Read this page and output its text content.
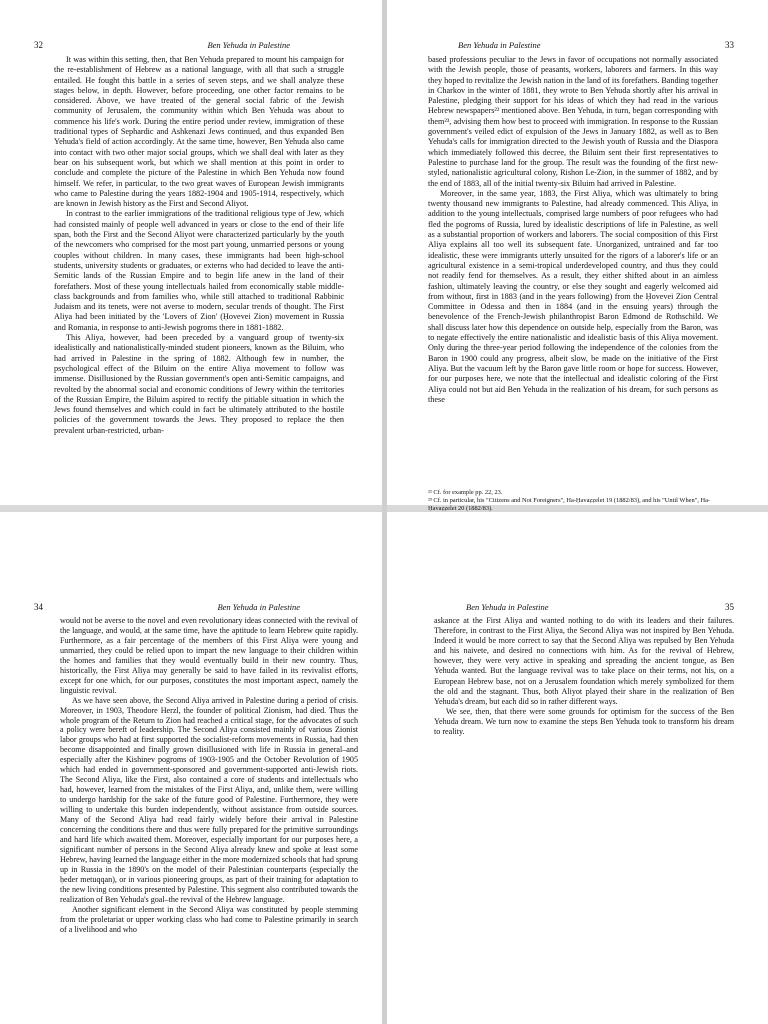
32	Ben Yehuda in Palestine

It was within this setting, then, that Ben Yehuda prepared to mount his campaign for the re-establishment of Hebrew as a national language, with all that such a struggle entailed. He fought this battle in a series of seven steps, and we shall analyze these stages below, in depth. However, before proceeding, one other factor remains to be considered. Above, we have treated of the general social fabric of the Jewish community of Jerusalem, the community within which Ben Yehuda was about to commence his life's work. During the entire period under review, immigration of these traditional types of Sephardic and Ashkenazi Jews continued, and thus expanded Ben Yehuda's field of action accordingly. At the same time, however, Ben Yehuda also came into contact with two other major social groups, which we shall deal with later as they bear on his subsequent work, but which we shall mention at this point in order to conclude and complete the picture of the Palestine in which Ben Yehuda now found himself. We refer, in particular, to the two great waves of European Jewish immigrants who came to Palestine during the years 1882-1904 and 1905-1914, respectively, which are known in Jewish history as the First and Second Aliyot.

In contrast to the earlier immigrations of the traditional religious type of Jew, which had consisted mainly of people well advanced in years or close to the end of their life span, both the First and the Second Aliyot were characterized particularly by the youth of the newcomers who comprised for the most part young, unmarried persons or young couples without children. In many cases, these immigrants had been high-school students, university students or graduates, or externs who had decided to leave the anti-Semitic lands of the Russian Empire and to begin life anew in the land of their forefathers. Most of these young intellectuals hailed from economically stable middle-class backgrounds and from families who, while still attached to traditional Rabbinic Judaism and its tenets, were not averse to modern, secular trends of thought. The First Aliya had been initiated by the 'Lovers of Zion' (Ḥovevei Zion) movement in Russia and Romania, in response to anti-Jewish pogroms there in 1881-1882.

This Aliya, however, had been preceded by a vanguard group of twenty-six idealistically and nationalistically-minded student pioneers, known as the Biluim, who had arrived in Palestine in the spring of 1882. Although few in number, the psychological effect of the Biluim on the entire Aliya movement to follow was immense. Disillusioned by the Russian government's open anti-Semitic campaigns, and revolted by the abnormal social and economic conditions of Jewry within the territories of the Russian Empire, the Biluim aspired to rectify the pitiable situation in which the Jews found themselves and which could in fact be ultimately attributed to the hostile policies of the government towards the Jews. They proposed to replace the then prevalent urban-restricted, urban-

Ben Yehuda in Palestine	33

based professions peculiar to the Jews in favor of occupations not normally associated with the Jewish people, those of peasants, workers, laborers and farmers. In this way they hoped to revitalize the Jewish nation in the land of its forefathers. Banding together in Charkov in the winter of 1881, they wrote to Ben Yehuda shortly after his arrival in Palestine, pledging their support for his ideas of which they had read in the various Hebrew newspapers²² mentioned above. Ben Yehuda, in turn, began corresponding with them²³, advising them how best to proceed with immigration. In response to the Russian government's veiled edict of expulsion of the Jews in January 1882, as well as to Ben Yehuda's calls for immigration directed to the Jewish youth of Russia and the Diaspora which immediately followed this decree, the Biluim sent their first representatives to Palestine to purchase land for the group. The result was the founding of the first new-styled, nationalistic agricultural colony, Rishon Le-Zion, in the summer of 1882, and by the end of 1883, all of the initial twenty-six Biluim had arrived in Palestine.

Moreover, in the same year, 1883, the First Aliya, which was ultimately to bring twenty thousand new immigrants to Palestine, had already commenced. This Aliya, in addition to the young intellectuals, comprised large numbers of poor refugees who had fled the pogroms of Russia, lured by idealistic descriptions of life in Palestine, as well as a substantial proportion of workers and laborers. The social composition of this First Aliya explains all too well its subsequent fate. Unorganized, untrained and far too idealistic, these were immigrants utterly unsuited for the rigors of a laborer's life or an agricultural existence in a semi-tropical underdeveloped country, and thus they could not readily fend for themselves. As a result, they either shifted about in an aimless fashion, ultimately leaving the country, or else they sought and eagerly welcomed aid from without, first in 1883 (and in the years following) from the Ḥovevei Zion Central Committee in Odessa and then in 1884 (and in the ensuing years) through the benevolence of the French-Jewish philanthropist Baron Edmond de Rothschild. We shall discuss later how this dependence on outside help, especially from the Baron, was to negate effectively the entire nationalistic and idealistic basis of this Aliya movement. Only during the three-year period following the independence of the colonies from the Baron in 1900 could any progress, albeit slow, be made on the initiative of the First Aliya. But the vacuum left by the Baron gave little room or hope for success. However, for our purposes here, we note that the intellectual and idealistic coloring of the First Aliya could not but aid Ben Yehuda in the realization of his dream, for such persons as these

²² Cf. for example pp. 22, 23.
²³ Cf. in particular, his "Citizens and Not Foreigners", Ha-Ḥavaẓẓelet 19 (1882/83), and his "Until When", Ha-Ḥavaẓẓelet 20 (1882/83).
34	Ben Yehuda in Palestine

would not be averse to the novel and even revolutionary ideas connected with the revival of the language, and would, at the same time, have the aptitude to learn Hebrew quite rapidly. Furthermore, as a fair percentage of the members of this First Aliya were young and unmarried, they could be relied upon to impart the new language to their children within the homes and families that they would eventually build in their new country. Thus, historically, the First Aliya may generally be said to have failed in its revivalist efforts, except for one which, for our purposes, constitutes the most important aspect, namely the linguistic revival.

As we have seen above, the Second Aliya arrived in Palestine during a period of crisis. Moreover, in 1903, Theodore Herzl, the founder of political Zionism, had died. Thus the whole program of the Return to Zion had reached a critical stage, for the advocates of such a policy were bereft of leadership. The Second Aliya consisted mainly of various Zionist labor groups who had at first supported the socialist-reform movements in Russia, had then become disappointed and finally grown disillusioned with life in Russia in general–and especially after the Kishinev pogroms of 1903-1905 and the October Revolution of 1905 which had ended in government-sponsored and government-supported anti-Jewish riots. The Second Aliya, like the First, also contained a core of students and intellectuals who had, however, learned from the mistakes of the First Aliya, and, unlike them, were willing to undergo hardship for the sake of the future good of Palestine. Furthermore, they were willing to undertake this burden independently, without assistance from outside sources. Many of the Second Aliya had read fairly widely before their arrival in Palestine concerning the conditions there and thus were fully prepared for the primitive surroundings and hard life which awaited them. Moreover, especially important for our purposes here, a significant number of persons in the Second Aliya already knew and spoke at least some Hebrew, having learned the language either in the more modernized schools that had sprung up in Russia in the 1890's on the model of their Palestinian counterparts (especially the ḥeder metuqqan), or in various pioneering groups, as part of their training for adaptation to the new living conditions presented by Palestine. This segment also contributed towards the realization of Ben Yehuda's goal–the revival of the Hebrew language.

Another significant element in the Second Aliya was constituted by people stemming from the proletariat or upper working class who had come to Palestine primarily in search of a livelihood and who

Ben Yehuda in Palestine	35

askance at the First Aliya and wanted nothing to do with its leaders and their failures. Therefore, in contrast to the First Aliya, the Second Aliya was not inspired by Ben Yehuda. Indeed it would be more correct to say that the Second Aliya was repulsed by Ben Yehuda and his naivete, and desired no connections with him. As for the revival of Hebrew, however, they were very active in speaking and spreading the ancient tongue, as Ben Yehuda wanted. But the language revival was to take place on their terms, not his, on a European Hebrew base, not on a Jerusalem foundation which merely symbolized for them the old and the stagnant. Thus, both Aliyot played their share in the realization of Ben Yehuda's dream, but each did so in rather different ways.

We see, then, that there were some grounds for optimism for the success of the Ben Yehuda dream. We turn now to examine the steps Ben Yehuda took to transform his dream to reality.
